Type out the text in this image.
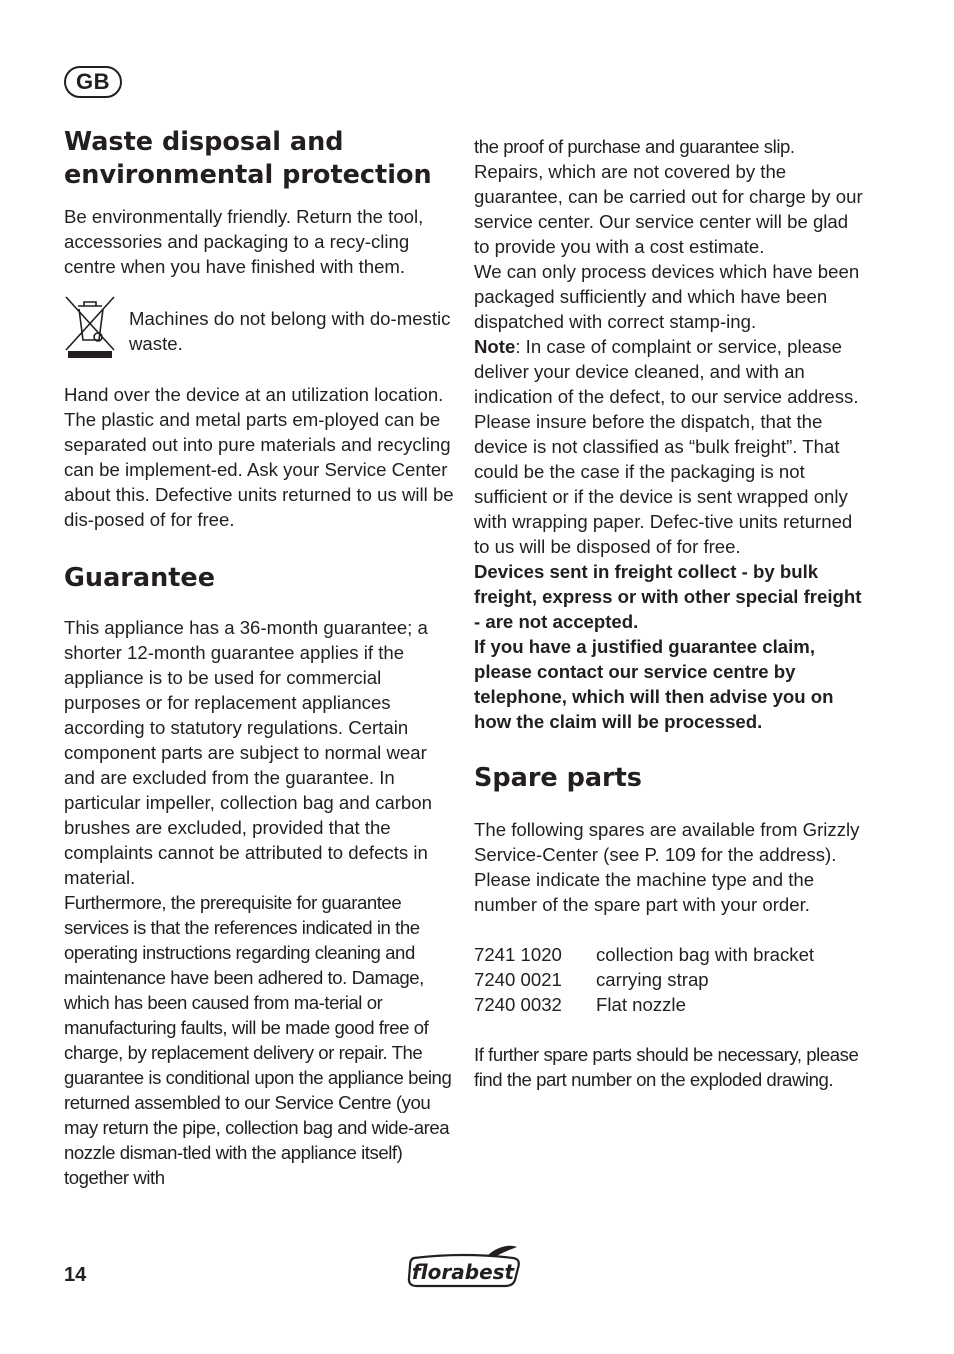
GB
Waste disposal and
environmental protection

Be environmentally friendly. Return the tool, accessories and packaging to a recy-cling centre when you have finished with them.

Machines do not belong with do-mestic waste.

Hand over the device at an utilization location. The plastic and metal parts em-ployed can be separated out into pure materials and recycling can be implement-ed. Ask your Service Center about this. Defective units returned to us will be dis-posed of for free.

Guarantee

This appliance has a 36-month guarantee; a shorter 12-month guarantee applies if the appliance is to be used for commercial purposes or for replacement appliances according to statutory regulations. Certain component parts are subject to normal wear and are excluded from the guarantee. In particular impeller, collection bag and carbon brushes are excluded, provided that the complaints cannot be attributed to defects in material.

Furthermore, the prerequisite for guarantee services is that the references indicated in the operating instructions regarding cleaning and maintenance have been adhered to. Damage, which has been caused from ma-terial or manufacturing faults, will be made good free of charge, by replacement delivery or repair. The guarantee is conditional upon the appliance being returned assembled to our Service Centre (you may return the pipe, collection bag and wide-area nozzle disman-tled with the appliance itself) together with

the proof of purchase and guarantee slip.

Repairs, which are not covered by the guarantee, can be carried out for charge by our service center. Our service center will be glad to provide you with a cost estimate.

We can only process devices which have been packaged sufficiently and which have been dispatched with correct stamp-ing.

Note: In case of complaint or service, please deliver your device cleaned, and with an indication of the defect, to our service address.

Please insure before the dispatch, that the device is not classified as “bulk freight”. That could be the case if the packaging is not sufficient or if the device is sent wrapped only with wrapping paper. Defec-tive units returned to us will be disposed of for free.

Devices sent in freight collect - by bulk freight, express or with other special freight - are not accepted.

If you have a justified guarantee claim, please contact our service centre by telephone, which will then advise you on how the claim will be processed.

Spare parts

The following spares are available from Grizzly Service-Center (see P. 109 for the address). Please indicate the machine type and the number of the spare part with your order.

7241 1020	collection bag with bracket
7240 0021	carrying strap
7240 0032	Flat nozzle

If further spare parts should be necessary, please find the part number on the exploded drawing.

14	florabest
